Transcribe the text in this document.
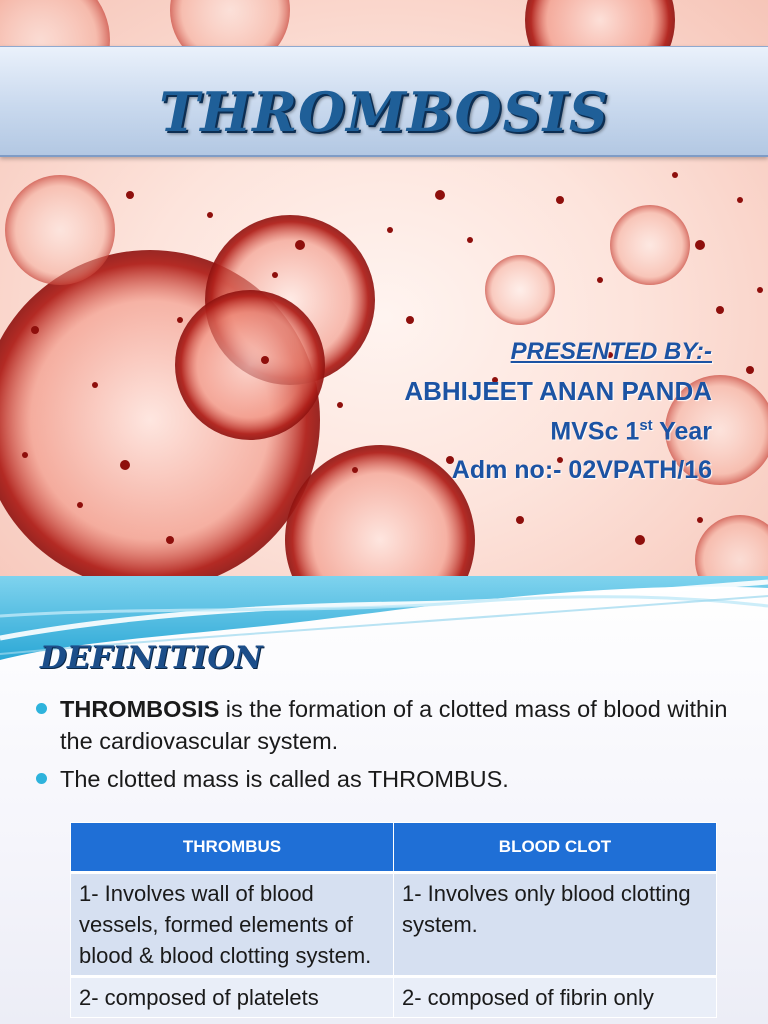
THROMBOSIS
PRESENTED BY:-
ABHIJEET ANAN PANDA
MVSc 1st Year
Adm no:- 02VPATH/16
DEFINITION
THROMBOSIS is the formation of a clotted mass of blood within the cardiovascular system.
The clotted mass is called as THROMBUS.
THROMBUS	BLOOD CLOT
1- Involves wall of blood vessels, formed elements of blood & blood clotting system.	1- Involves only blood clotting system.
2- composed of platelets	2- composed of fibrin only
